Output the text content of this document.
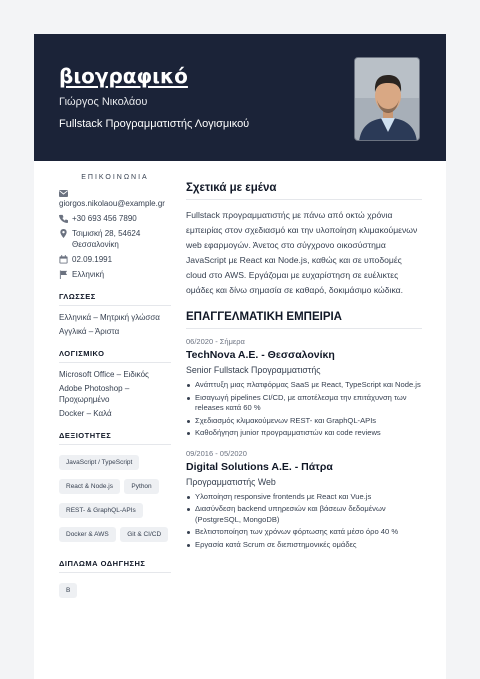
βιογραφικό
Γιώργος Νικολάου
Fullstack Προγραμματιστής Λογισμικού
ΕΠΙΚΟΙΝΩΝΙΑ
giorgos.nikolaou@example.gr
+30 693 456 7890
Τσιμισκή 28, 54624 Θεσσαλονίκη
02.09.1991
Ελληνική
ΓΛΩΣΣΕΣ
Ελληνικά – Μητρική γλώσσα
Αγγλικά – Άριστα
ΛΟΓΙΣΜΙΚΟ
Microsoft Office – Ειδικός
Adobe Photoshop – Προχωρημένο
Docker – Καλά
ΔΕΞΙΟΤΗΤΕΣ
JavaScript / TypeScript React & Node.js	Python REST- & GraphQL-APIs Docker & AWS	Git & CI/CD
ΔΙΠΛΩΜΑ ΟΔΗΓΗΣΗΣ
B
Σχετικά με εμένα

Fullstack προγραμματιστής με πάνω από οκτώ χρόνια εμπειρίας στον σχεδιασμό και την υλοποίηση κλιμακούμενων web εφαρμογών. Άνετος στο σύγχρονο οικοσύστημα JavaScript με React και Node.js, καθώς και σε υποδομές cloud στο AWS. Εργάζομαι με ευχαρίστηση σε ευέλικτες ομάδες και δίνω σημασία σε καθαρό, δοκιμάσιμο κώδικα.

ΕΠΑΓΓΕΛΜΑΤΙΚΗ ΕΜΠΕΙΡΙΑ
06/2020 - Σήμερα
TechNova A.E. - Θεσσαλονίκη
Senior Fullstack Προγραμματιστής
Ανάπτυξη μιας πλατφόρμας SaaS με React, TypeScript και Node.js
Εισαγωγή pipelines CI/CD, με αποτέλεσμα την επιτάχυνση των releases κατά 60 %
Σχεδιασμός κλιμακούμενων REST- και GraphQL-APIs
Καθοδήγηση junior προγραμματιστών και code reviews
09/2016 - 05/2020
Digital Solutions A.E. - Πάτρα
Προγραμματιστής Web
Υλοποίηση responsive frontends με React και Vue.js
Διασύνδεση backend υπηρεσιών και βάσεων δεδομένων (PostgreSQL, MongoDB)
Βελτιστοποίηση των χρόνων φόρτωσης κατά μέσο όρο 40 %
Εργασία κατά Scrum σε διεπιστημονικές ομάδες
